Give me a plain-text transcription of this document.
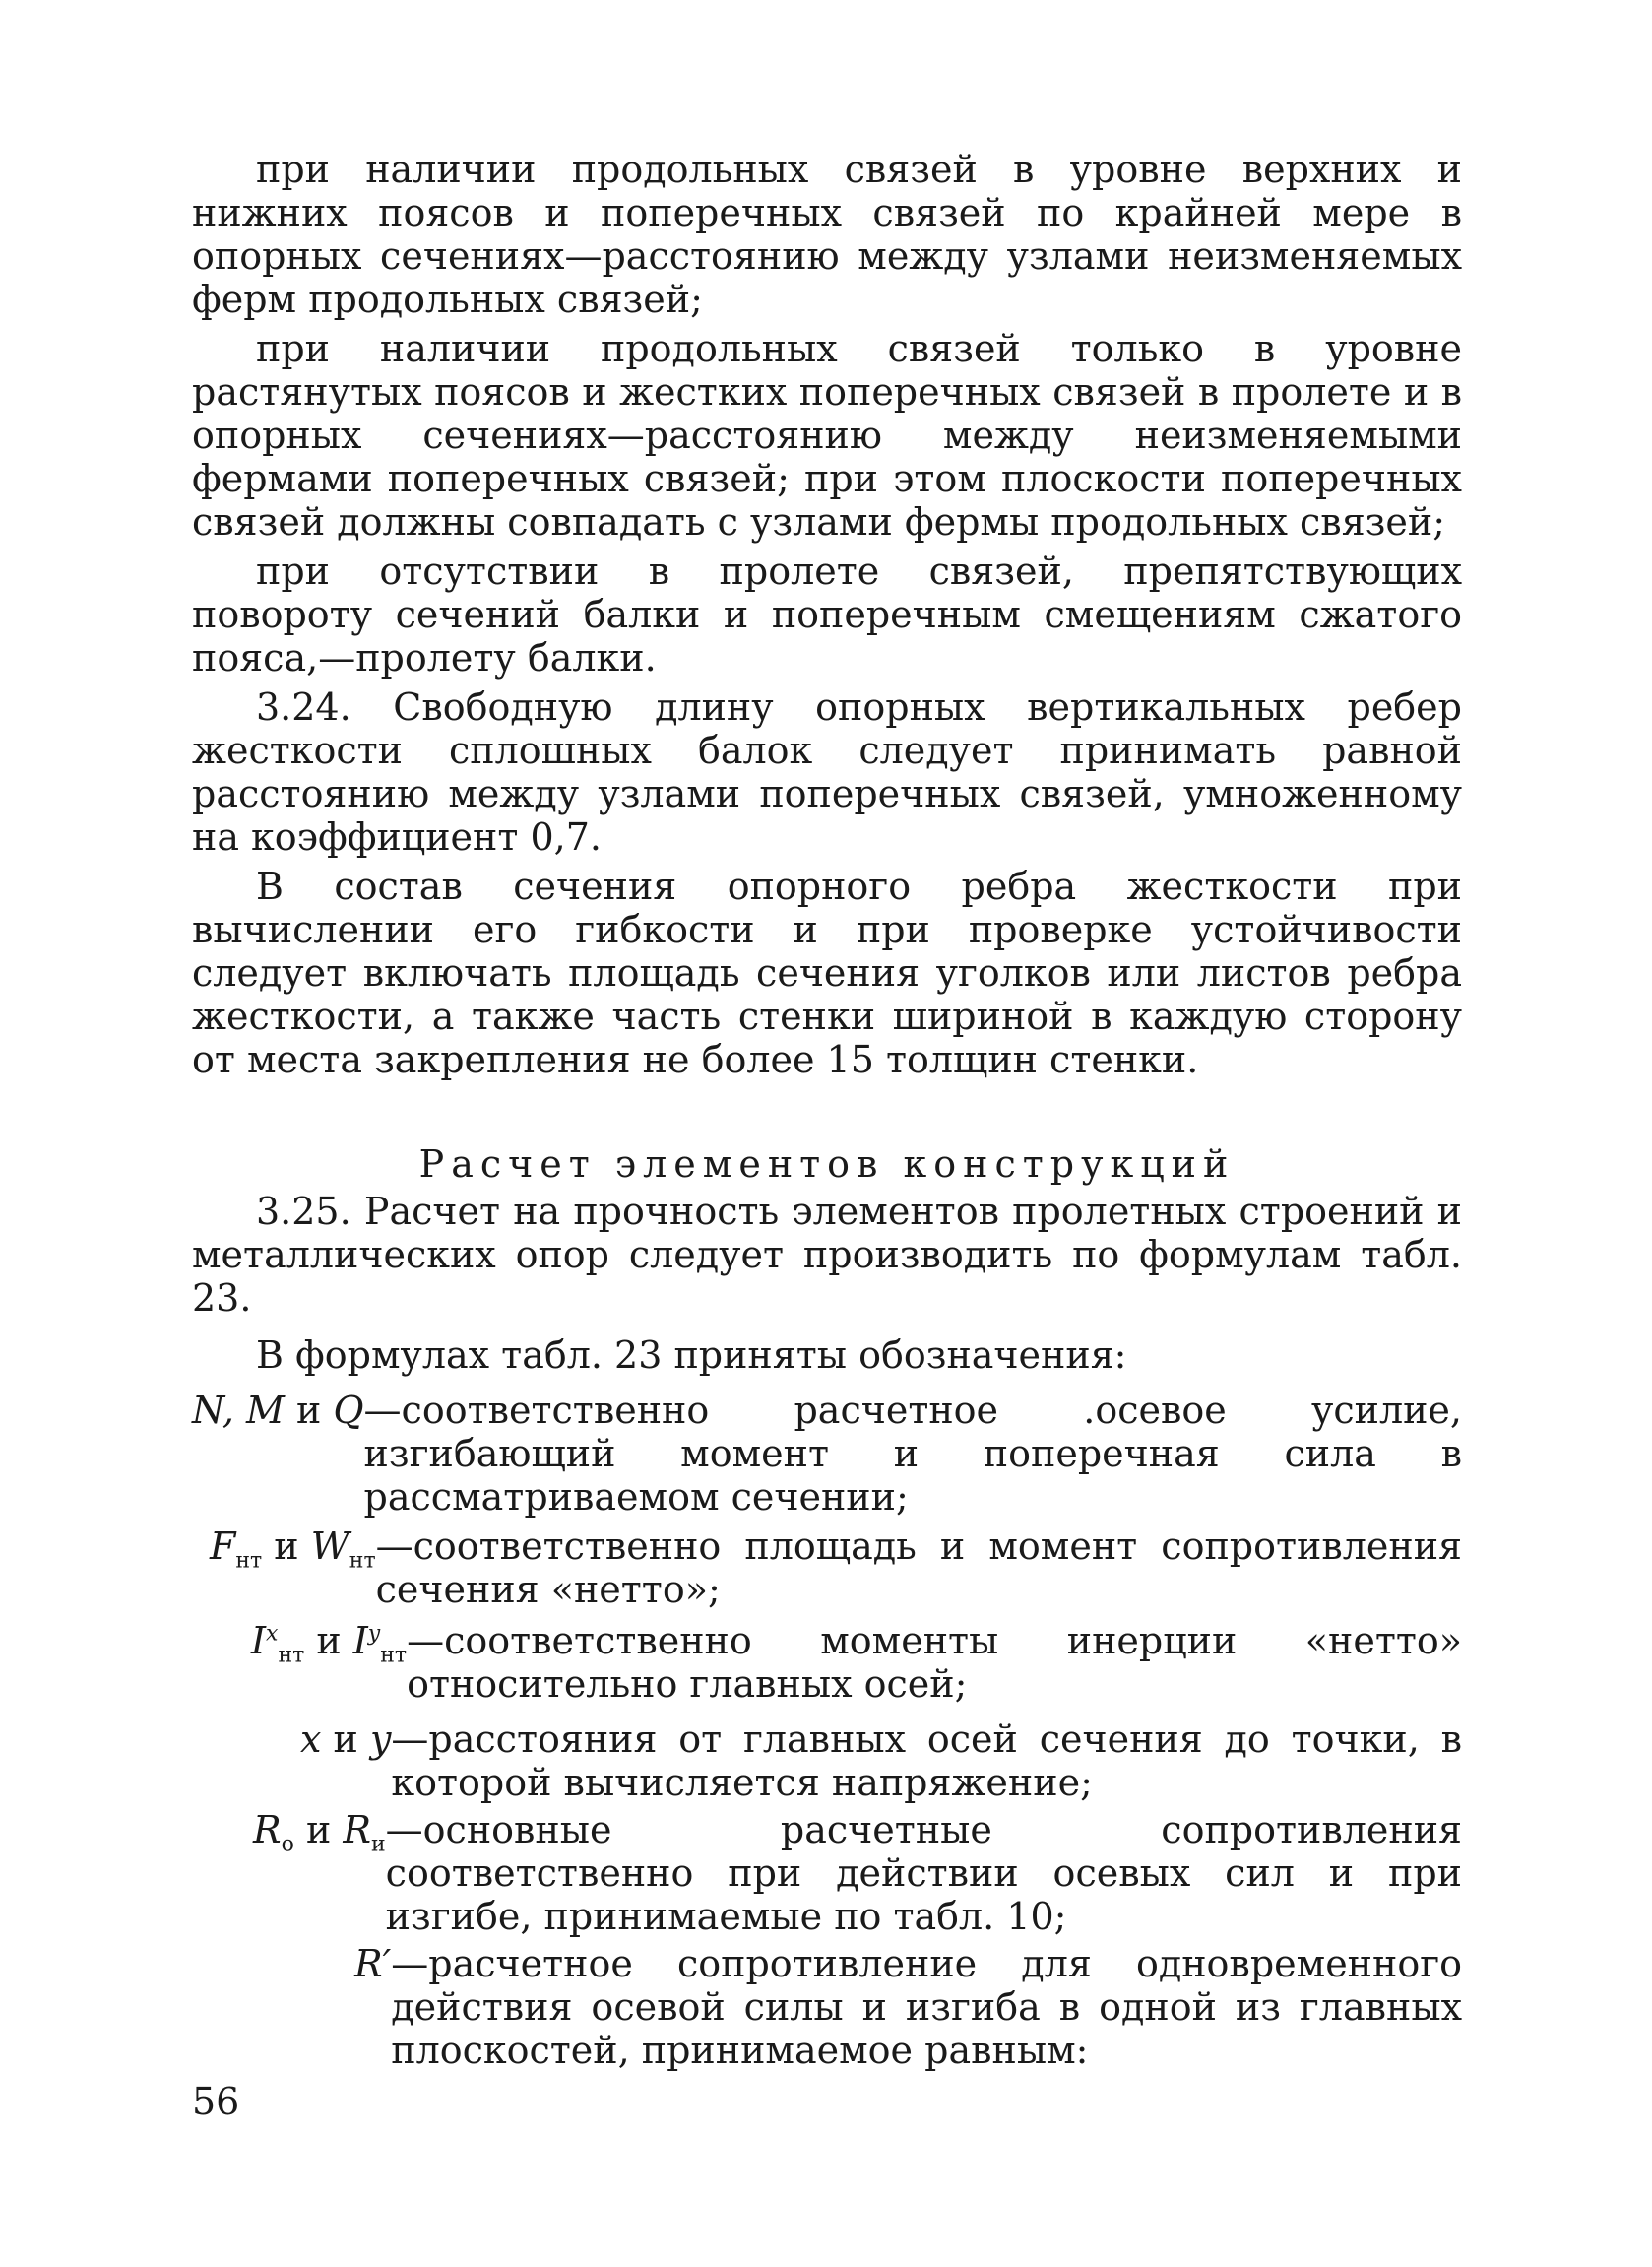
при наличии продольных связей в уровне верхних и нижних поясов и поперечных связей по крайней мере в опорных сечениях—расстоянию между узлами неизменяемых ферм продольных связей;

при наличии продольных связей только в уровне растянутых поясов и жестких поперечных связей в пролете и в опорных сечениях—расстоянию между неизменяемыми фермами поперечных связей; при этом плоскости поперечных связей должны совпадать с узлами фермы продольных связей;

при отсутствии в пролете связей, препятствующих повороту сечений балки и поперечным смещениям сжатого пояса,—пролету балки.

3.24. Свободную длину опорных вертикальных ребер жесткости сплошных балок следует принимать равной расстоянию между узлами поперечных связей, умноженному на коэффициент 0,7.

В состав сечения опорного ребра жесткости при вычислении его гибкости и при проверке устойчивости следует включать площадь сечения уголков или листов ребра жесткости, а также часть стенки шириной в каждую сторону от места закрепления не более 15 толщин стенки.

Расчет элементов конструкций

3.25. Расчет на прочность элементов пролетных строений и металлических опор следует производить по формулам табл. 23.

В формулах табл. 23 приняты обозначения:

N, M и Q —соответственно расчетное .осевое усилие, изгибающий момент и поперечная сила в рассматриваемом сечении;
$F_{нт}$ и $W_{нт}$ —соответственно площадь и момент сопротивления сечения «нетто»;
$I^x_{нт}$ и $I^y_{нт}$ —соответственно моменты инерции «нетто» относительно главных осей;
x и y —расстояния от главных осей сечения до точки, в которой вычисляется напряжение;
$R_о$ и $R_и$ —основные расчетные сопротивления соответственно при действии осевых сил и при изгибе, принимаемые по табл. 10;
R′ —расчетное сопротивление для одновременного действия осевой силы и изгиба в одной из главных плоскостей, принимаемое равным:
56
